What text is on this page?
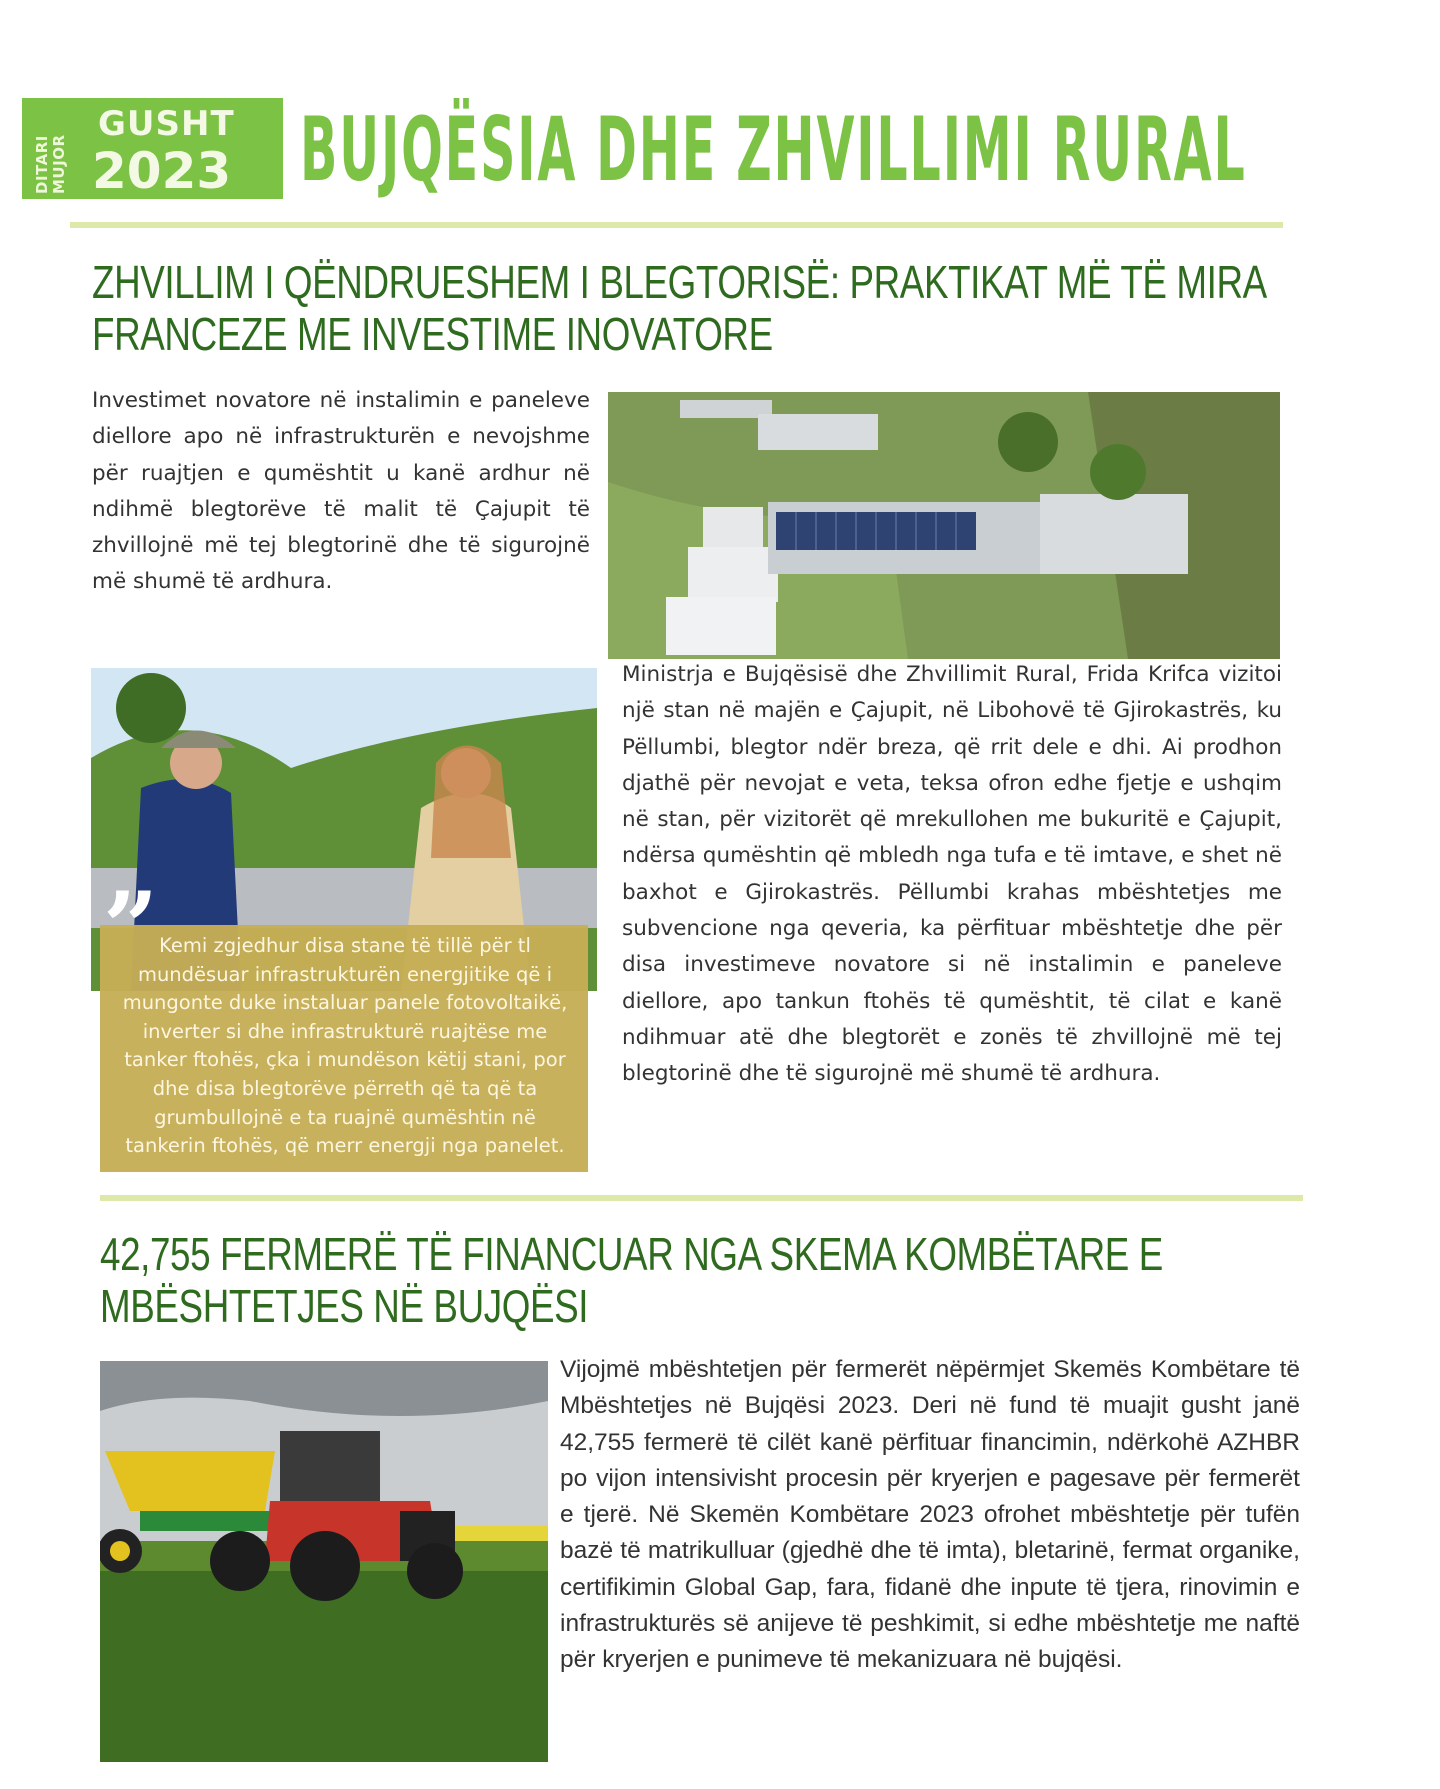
DITARI MUJOR
GUSHT
2023 BUJQËSIA DHE ZHVILLIMI RURAL
ZHVILLIM I QËNDRUESHEM I BLEGTORISË: PRAKTIKAT MË TË MIRA
FRANCEZE ME INVESTIME INOVATORE
Investimet novatore në instalimin e paneleve diellore apo në infrastrukturën e nevojshme për ruajtjen e qumështit u kanë ardhur në ndihmë blegtorëve të malit të Çajupit të zhvillojnë më tej blegtorinë dhe të sigurojnë më shumë të ardhura.
” Kemi zgjedhur disa stane të tillë për tl mundësuar infrastrukturën energjitike që i mungonte duke instaluar panele fotovoltaikë, inverter si dhe infrastrukturë ruajtëse me tanker ftohës, çka i mundëson këtij stani, por dhe disa blegtorëve përreth që ta që ta grumbullojnë e ta ruajnë qumështin në tankerin ftohës, që merr energji nga panelet.
Ministrja e Bujqësisë dhe Zhvillimit Rural, Frida Krifca vizitoi një stan në majën e Çajupit, në Libohovë të Gjirokastrës, ku Pëllumbi, blegtor ndër breza, që rrit dele e dhi. Ai prodhon djathë për nevojat e veta, teksa ofron edhe fjetje e ushqim në stan, për vizitorët që mrekullohen me bukuritë e Çajupit, ndërsa qumështin që mbledh nga tufa e të imtave, e shet në baxhot e Gjirokastrës. Pëllumbi krahas mbështetjes me subvencione nga qeveria, ka përfituar mbështetje dhe për disa investimeve novatore si në instalimin e paneleve diellore, apo tankun ftohës të qumështit, të cilat e kanë ndihmuar atë dhe blegtorët e zonës të zhvillojnë më tej blegtorinë dhe të sigurojnë më shumë të ardhura.
42,755 FERMERË TË FINANCUAR NGA SKEMA KOMBËTARE E
MBËSHTETJES NË BUJQËSI
Vijojmë mbështetjen për fermerët nëpërmjet Skemës Kombëtare të Mbështetjes në Bujqësi 2023. Deri në fund të muajit gusht janë 42,755 fermerë të cilët kanë përfituar financimin, ndërkohë AZHBR po vijon intensivisht procesin për kryerjen e pagesave për fermerët e tjerë. Në Skemën Kombëtare 2023 ofrohet mbështetje për tufën bazë të matrikulluar (gjedhë dhe të imta), bletarinë, fermat organike, certifikimin Global Gap, fara, fidanë dhe inpute të tjera, rinovimin e infrastrukturës së anijeve të peshkimit, si edhe mbështetje me naftë për kryerjen e punimeve të mekanizuara në bujqësi.
